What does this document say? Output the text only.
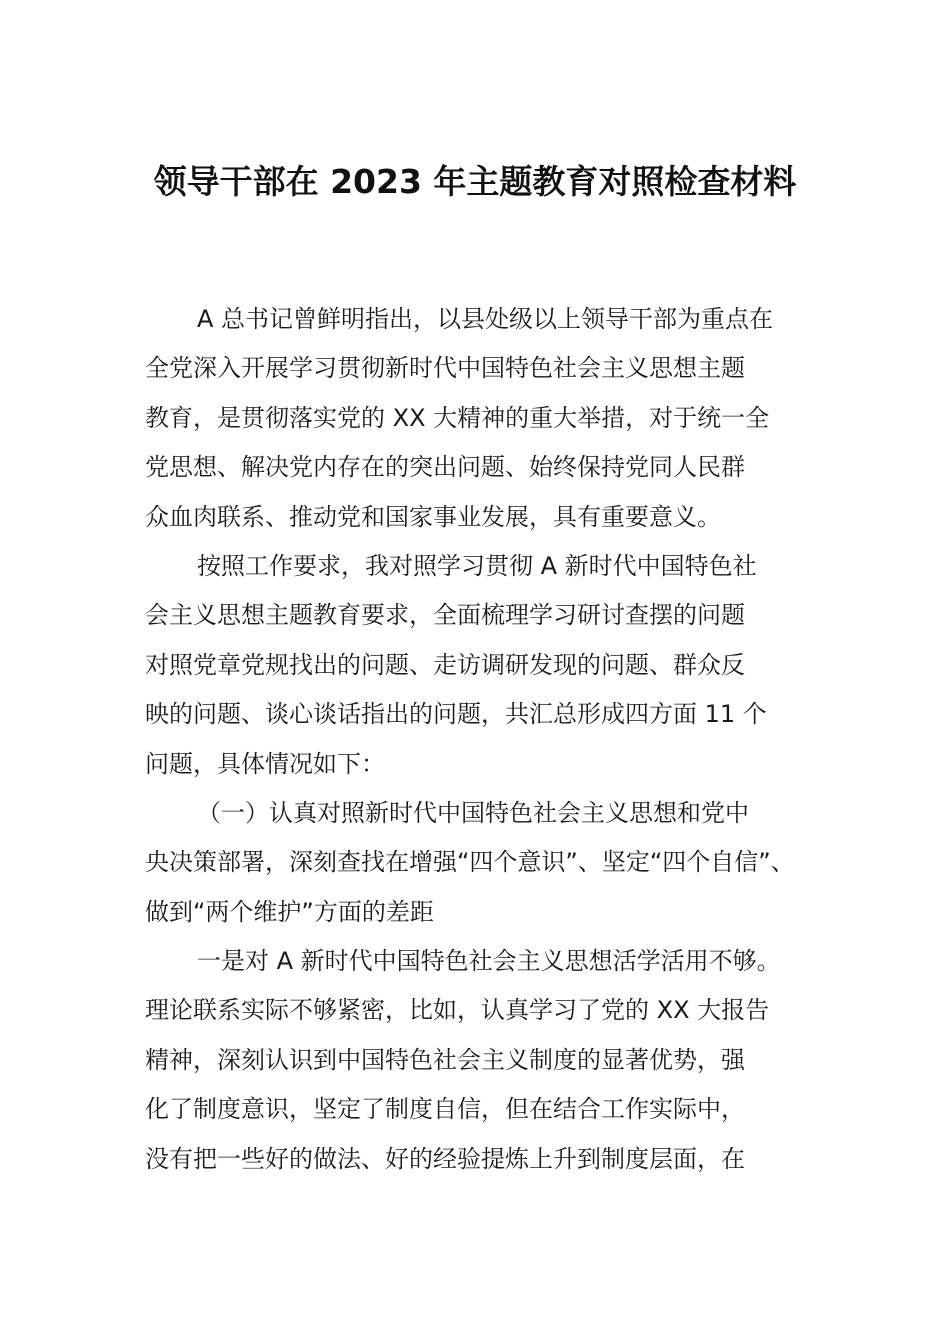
领导干部在 2023 年主题教育对照检查材料
A 总书记曾鲜明指出，以县处级以上领导干部为重点在
全党深入开展学习贯彻新时代中国特色社会主义思想主题
教育，是贯彻落实党的 XX 大精神的重大举措，对于统一全
党思想、解决党内存在的突出问题、始终保持党同人民群
众血肉联系、推动党和国家事业发展，具有重要意义。
按照工作要求，我对照学习贯彻 A 新时代中国特色社
会主义思想主题教育要求，全面梳理学习研讨查摆的问题
对照党章党规找出的问题、走访调研发现的问题、群众反
映的问题、谈心谈话指出的问题，共汇总形成四方面 11 个
问题，具体情况如下：
（一）认真对照新时代中国特色社会主义思想和党中
央决策部署，深刻查找在增强“四个意识”、坚定“四个自信”、
做到“两个维护”方面的差距
一是对 A 新时代中国特色社会主义思想活学活用不够。
理论联系实际不够紧密，比如，认真学习了党的 XX 大报告
精神，深刻认识到中国特色社会主义制度的显著优势，强
化了制度意识，坚定了制度自信，但在结合工作实际中，
没有把一些好的做法、好的经验提炼上升到制度层面，在
